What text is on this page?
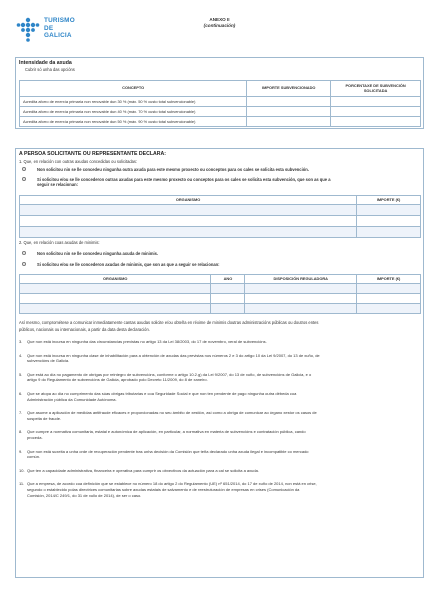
TURISMO
DE
GALICIA
ANEXO II
(continuación)
Intensidade da axuda
Cubrir só unha das opcións
CONCEPTO	IMPORTE SUBVENCIONADO	PORCENTAXE DE SUBVENCIÓN SOLICITADA
Acredita aforro de enerxía primaria non renovable dun 30 % (máx. 50 % custo total subvencionable)		
Acredita aforro de enerxía primaria non renovable dun 40 % (máx. 70 % custo total subvencionable)		
Acredita aforro de enerxía primaria non renovable dun 50 % (máx. 90 % custo total subvencionable)		
A PERSOA SOLICITANTE OU REPRESENTANTE DECLARA:
1. Que, en relación con outras axudas concedidas ou solicitadas:
Non solicitou nin se lle concedeu ningunha outra axuda para este mesmo proxecto ou conceptos para os cales se solicita esta subvención.
Si solicitou e/ou se lle concederon outras axudas para este mesmo proxecto ou conceptos para os cales se solicita esta subvención, que son as que a
seguir se relacionan:
ORGANISMO	IMPORTE (€)

2. Que, en relación coas axudas de minimis:
Non solicitou nin se lle concedeu ningunha axuda de minimis.
Si solicitou e/ou se lle concederon axudas de minimis, que son as que a seguir se relacionan:
ORGANISMO	ANO	DISPOSICIÓN REGULADORA	IMPORTE (€)

Así mesmo, comprométese a comunicar inmediatamente cantas axudas solicite e/ou obteña en réxime de minimis doutras administracións públicas ou doutros entes
públicos, nacionais ou internacionais, a partir da data desta declaración.
3. Que non está incursa en ningunha das circunstancias previstas no artigo 13 da Lei 38/2003, do 17 de novembro, xeral de subvencións.
4. Que non está incursa en ningunha clase de inhabilitación para a obtención de axudas das previstas nos números 2 e 3 do artigo 10 da Lei 9/2007, do 13 de xuño, de
subvencións de Galicia.
5. Que está ao día no pagamento de obrigas por reintegro de subvencións, conforme o artigo 10.2.g) da Lei 9/2007, do 13 de xuño, de subvencións de Galicia, e o
artigo 9 do Regulamento de subvencións de Galicia, aprobado polo Decreto 11/2009, do 8 de xaneiro.
6. Que se atopa ao día no cumprimento das súas obrigas tributarias e coa Seguridade Social e que non ten pendente de pago ningunha outra débeda coa
Administración pública da Comunidade Autónoma.
7. Que asume a aplicación de medidas antifraude eficaces e proporcionadas no seu ámbito de xestión, así como a obriga de comunicar ao órgano xestor os casos de
sospeita de fraude.
8. Que cumpre a normativa comunitaria, estatal e autonómica de aplicación, en particular, a normativa en materia de subvencións e contratación pública, cando
proceda.
9. Que non está suxeita a unha orde de recuperación pendente tras unha decisión da Comisión que teña declarado unha axuda ilegal e incompatible co mercado
común.
10. Que ten a capacidade administrativa, financeira e operativa para cumprir os obxectivos da actuación para a cal se solicita a axuda.
11. Que a empresa, de acordo coa definición que se establece no número 18 do artigo 2 do Regulamento (UE) nº 651/2014, do 17 de xuño de 2014, non está en crise,
segundo o establecido polas directrices comunitarias sobre axudas estatais de salvamento e de reestruturación de empresas en crises (Comunicación da
Comisión, 2014/C 249/1, do 31 de xullo de 2014), de ser o caso.
